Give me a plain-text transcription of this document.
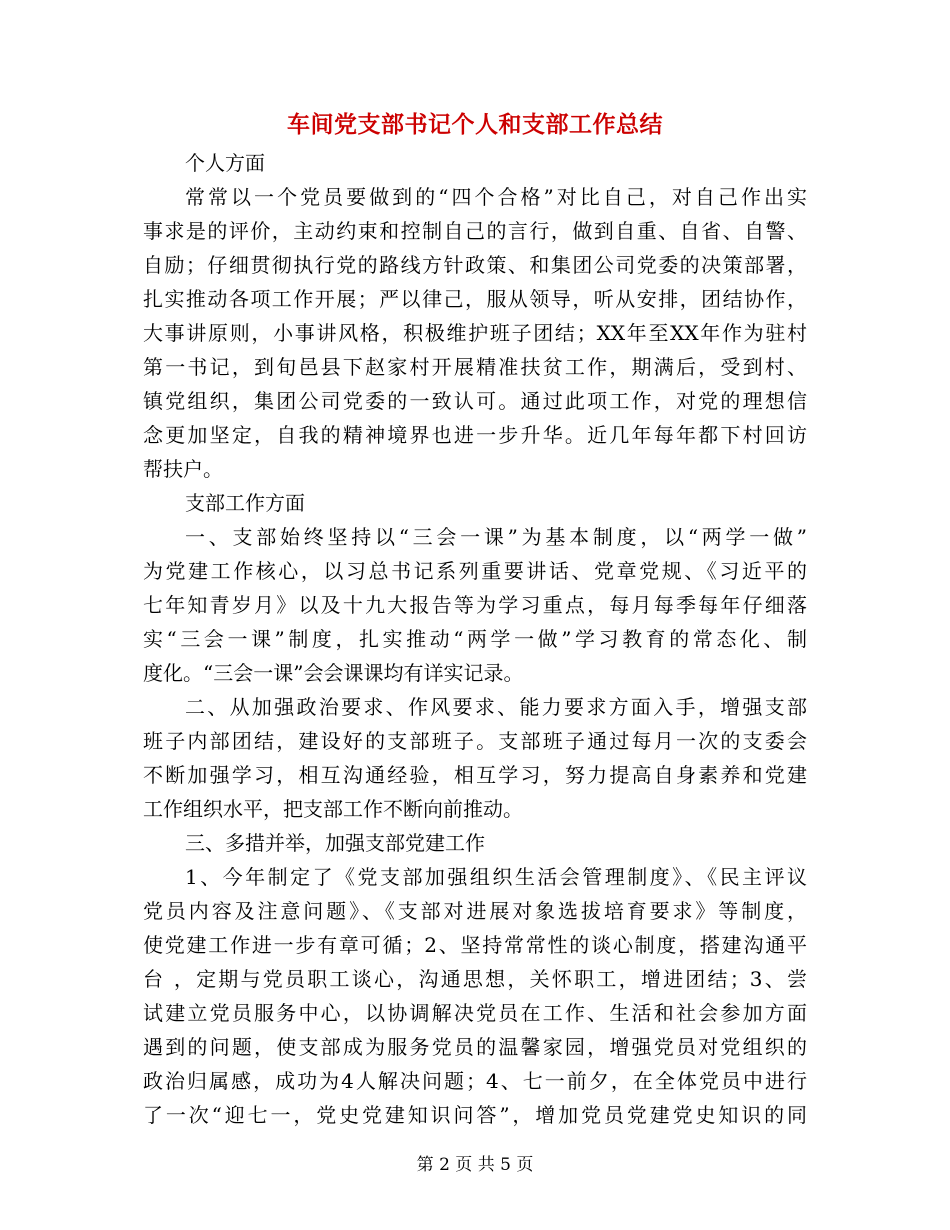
车间党支部书记个人和支部工作总结
个人方面
常常以一个党员要做到的“四个合格”对比自己，对自己作出实
事求是的评价，主动约束和控制自己的言行，做到自重、自省、自警、
自励；仔细贯彻执行党的路线方针政策、和集团公司党委的决策部署，
扎实推动各项工作开展；严以律己，服从领导，听从安排，团结协作，
大事讲原则，小事讲风格，积极维护班子团结；XX年至XX年作为驻村
第一书记，到旬邑县下赵家村开展精准扶贫工作，期满后，受到村、
镇党组织，集团公司党委的一致认可。通过此项工作，对党的理想信
念更加坚定，自我的精神境界也进一步升华。近几年每年都下村回访
帮扶户。
支部工作方面
一、支部始终坚持以“三会一课”为基本制度，以“两学一做”
为党建工作核心，以习总书记系列重要讲话、党章党规、《习近平的
七年知青岁月》以及十九大报告等为学习重点，每月每季每年仔细落
实“三会一课”制度，扎实推动“两学一做”学习教育的常态化、制
度化。“三会一课”会会课课均有详实记录。
二、从加强政治要求、作风要求、能力要求方面入手，增强支部
班子内部团结，建设好的支部班子。支部班子通过每月一次的支委会
不断加强学习，相互沟通经验，相互学习，努力提高自身素养和党建
工作组织水平，把支部工作不断向前推动。
三、多措并举，加强支部党建工作
1、今年制定了《党支部加强组织生活会管理制度》、《民主评议
党员内容及注意问题》、《支部对进展对象选拔培育要求》等制度，
使党建工作进一步有章可循；2、坚持常常性的谈心制度，搭建沟通平
台 ，定期与党员职工谈心，沟通思想，关怀职工，增进团结；3、尝
试建立党员服务中心，以协调解决党员在工作、生活和社会参加方面
遇到的问题，使支部成为服务党员的温馨家园，增强党员对党组织的
政治归属感，成功为4人解决问题；4、七一前夕，在全体党员中进行
了一次“迎七一，党史党建知识问答”，增加党员党建党史知识的同
第 2 页 共 5 页
